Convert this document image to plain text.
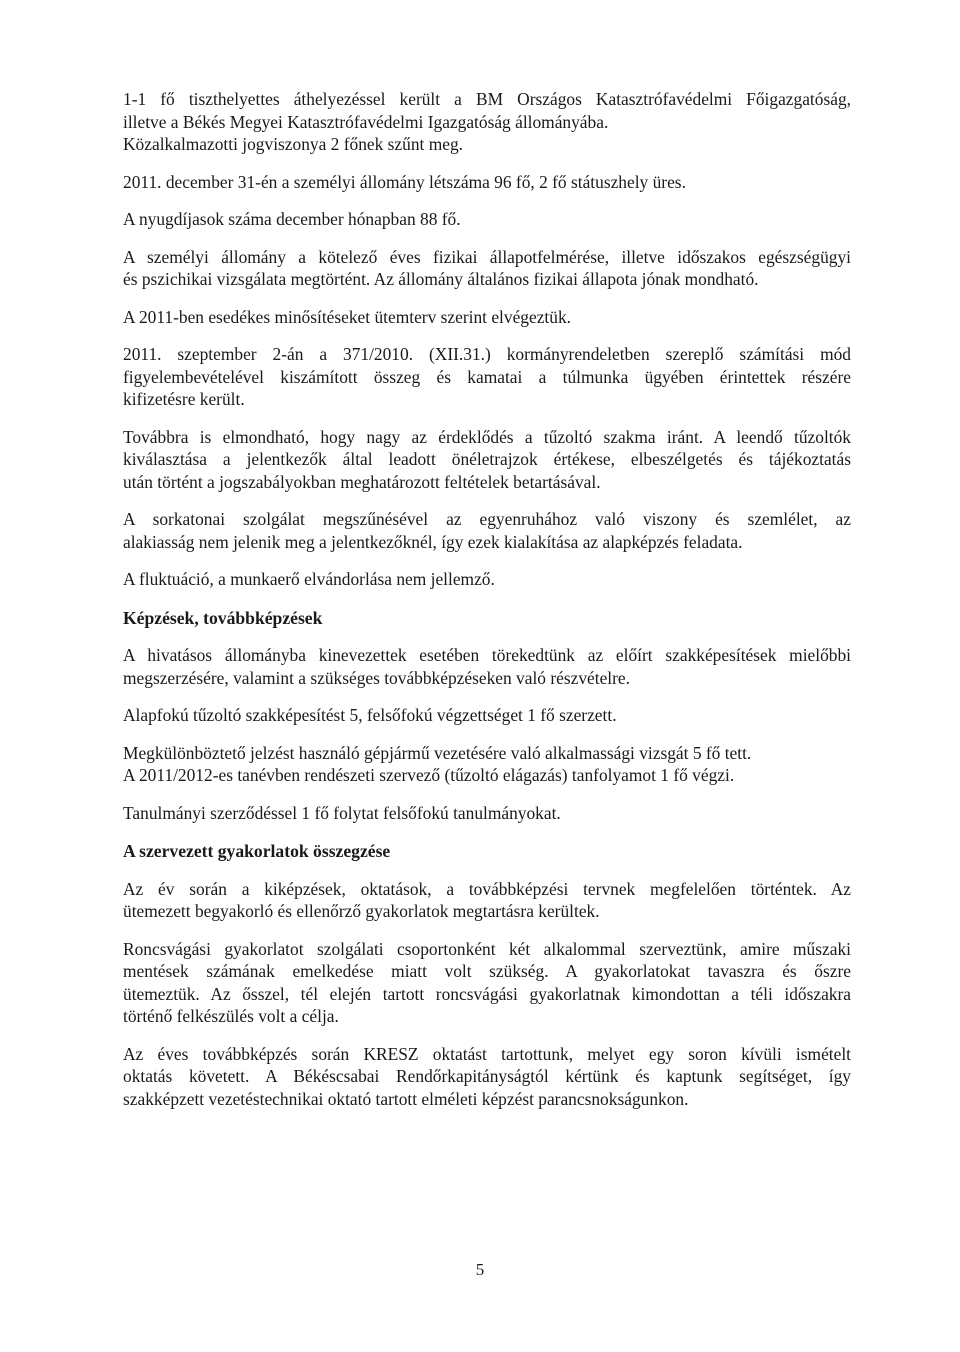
1-1 fő tiszthelyettes áthelyezéssel került a BM Országos Katasztrófavédelmi Főigazgatóság,
illetve a Békés Megyei Katasztrófavédelmi Igazgatóság állományába.
Közalkalmazotti jogviszonya 2 főnek szűnt meg.

2011. december 31-én a személyi állomány létszáma 96 fő, 2 fő státuszhely üres.

A nyugdíjasok száma december hónapban 88 fő.

A személyi állomány a kötelező éves fizikai állapotfelmérése, illetve időszakos egészségügyi
és pszichikai vizsgálata megtörtént. Az állomány általános fizikai állapota jónak mondható.

A 2011-ben esedékes minősítéseket ütemterv szerint elvégeztük.

2011. szeptember 2-án a 371/2010. (XII.31.) kormányrendeletben szereplő számítási mód
figyelembevételével kiszámított összeg és kamatai a túlmunka ügyében érintettek részére
kifizetésre került.

Továbbra is elmondható, hogy nagy az érdeklődés a tűzoltó szakma iránt. A leendő tűzoltók
kiválasztása a jelentkezők által leadott önéletrajzok értékese, elbeszélgetés és tájékoztatás
után történt a jogszabályokban meghatározott feltételek betartásával.

A sorkatonai szolgálat megszűnésével az egyenruhához való viszony és szemlélet, az
alakiasság nem jelenik meg a jelentkezőknél, így ezek kialakítása az alapképzés feladata.

A fluktuáció, a munkaerő elvándorlása nem jellemző.

Képzések, továbbképzések

A hivatásos állományba kinevezettek esetében törekedtünk az előírt szakképesítések mielőbbi
megszerzésére, valamint a szükséges továbbképzéseken való részvételre.

Alapfokú tűzoltó szakképesítést 5, felsőfokú végzettséget 1 fő szerzett.

Megkülönböztető jelzést használó gépjármű vezetésére való alkalmassági vizsgát 5 fő tett.
A 2011/2012-es tanévben rendészeti szervező (tűzoltó elágazás) tanfolyamot 1 fő végzi.

Tanulmányi szerződéssel 1 fő folytat felsőfokú tanulmányokat.

A szervezett gyakorlatok összegzése

Az év során a kiképzések, oktatások, a továbbképzési tervnek megfelelően történtek. Az
ütemezett begyakorló és ellenőrző gyakorlatok megtartásra kerültek.

Roncsvágási gyakorlatot szolgálati csoportonként két alkalommal szerveztünk, amire műszaki
mentések számának emelkedése miatt volt szükség. A gyakorlatokat tavaszra és őszre
ütemeztük. Az ősszel, tél elején tartott roncsvágási gyakorlatnak kimondottan a téli időszakra
történő felkészülés volt a célja.

Az éves továbbképzés során KRESZ oktatást tartottunk, melyet egy soron kívüli ismételt
oktatás követett. A Békéscsabai Rendőrkapitányságtól kértünk és kaptunk segítséget, így
szakképzett vezetéstechnikai oktató tartott elméleti képzést parancsnokságunkon.

5
